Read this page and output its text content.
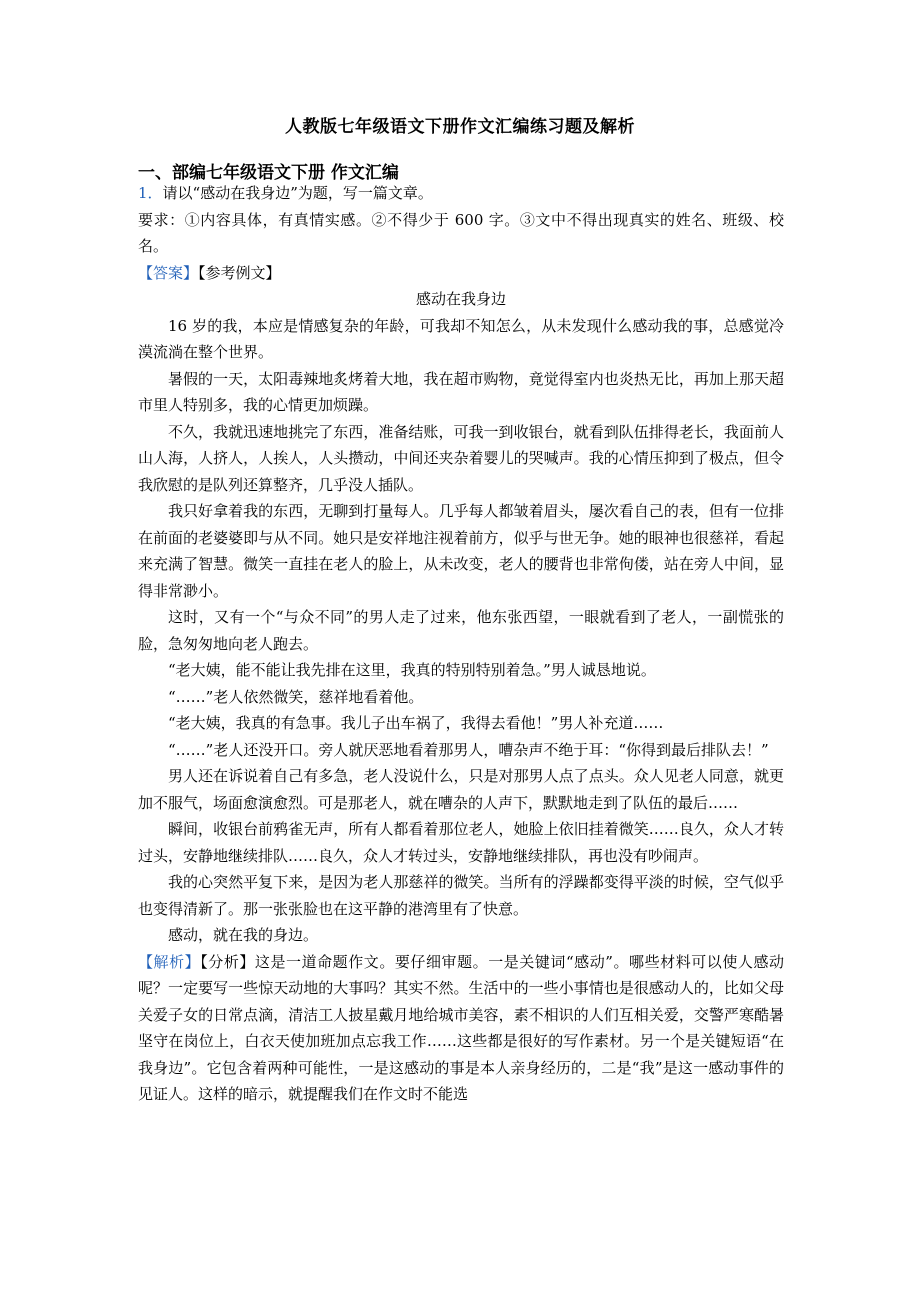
人教版七年级语文下册作文汇编练习题及解析
一、部编七年级语文下册 作文汇编

1．请以“感动在我身边”为题，写一篇文章。

要求：①内容具体，有真情实感。②不得少于 600 字。③文中不得出现真实的姓名、班级、校名。

【答案】【参考例文】

感动在我身边

16 岁的我，本应是情感复杂的年龄，可我却不知怎么，从未发现什么感动我的事，总感觉冷漠流淌在整个世界。

暑假的一天，太阳毒辣地炙烤着大地，我在超市购物，竟觉得室内也炎热无比，再加上那天超市里人特别多，我的心情更加烦躁。

不久，我就迅速地挑完了东西，准备结账，可我一到收银台，就看到队伍排得老长，我面前人山人海，人挤人，人挨人，人头攒动，中间还夹杂着婴儿的哭喊声。我的心情压抑到了极点，但令我欣慰的是队列还算整齐，几乎没人插队。

我只好拿着我的东西，无聊到打量每人。几乎每人都皱着眉头，屡次看自己的表，但有一位排在前面的老婆婆即与从不同。她只是安祥地注视着前方，似乎与世无争。她的眼神也很慈祥，看起来充满了智慧。微笑一直挂在老人的脸上，从未改变，老人的腰背也非常佝偻，站在旁人中间，显得非常渺小。

这时，又有一个“与众不同”的男人走了过来，他东张西望，一眼就看到了老人，一副慌张的脸，急匆匆地向老人跑去。

“老大姨，能不能让我先排在这里，我真的特别特别着急。”男人诚恳地说。

“……”老人依然微笑，慈祥地看着他。

“老大姨，我真的有急事。我儿子出车祸了，我得去看他！”男人补充道……

“……”老人还没开口。旁人就厌恶地看着那男人，嘈杂声不绝于耳：“你得到最后排队去！”

男人还在诉说着自己有多急，老人没说什么，只是对那男人点了点头。众人见老人同意，就更加不服气，场面愈演愈烈。可是那老人，就在嘈杂的人声下，默默地走到了队伍的最后……

瞬间，收银台前鸦雀无声，所有人都看着那位老人，她脸上依旧挂着微笑……良久，众人才转过头，安静地继续排队……良久，众人才转过头，安静地继续排队，再也没有吵闹声。

我的心突然平复下来，是因为老人那慈祥的微笑。当所有的浮躁都变得平淡的时候，空气似乎也变得清新了。那一张张脸也在这平静的港湾里有了快意。

感动，就在我的身边。

【解析】【分析】这是一道命题作文。要仔细审题。一是关键词“感动”。哪些材料可以使人感动呢？一定要写一些惊天动地的大事吗？其实不然。生活中的一些小事情也是很感动人的，比如父母关爱子女的日常点滴，清洁工人披星戴月地给城市美容，素不相识的人们互相关爱，交警严寒酷暑坚守在岗位上，白衣天使加班加点忘我工作……这些都是很好的写作素材。另一个是关键短语“在我身边”。它包含着两种可能性，一是这感动的事是本人亲身经历的，二是“我”是这一感动事件的见证人。这样的暗示，就提醒我们在作文时不能选
